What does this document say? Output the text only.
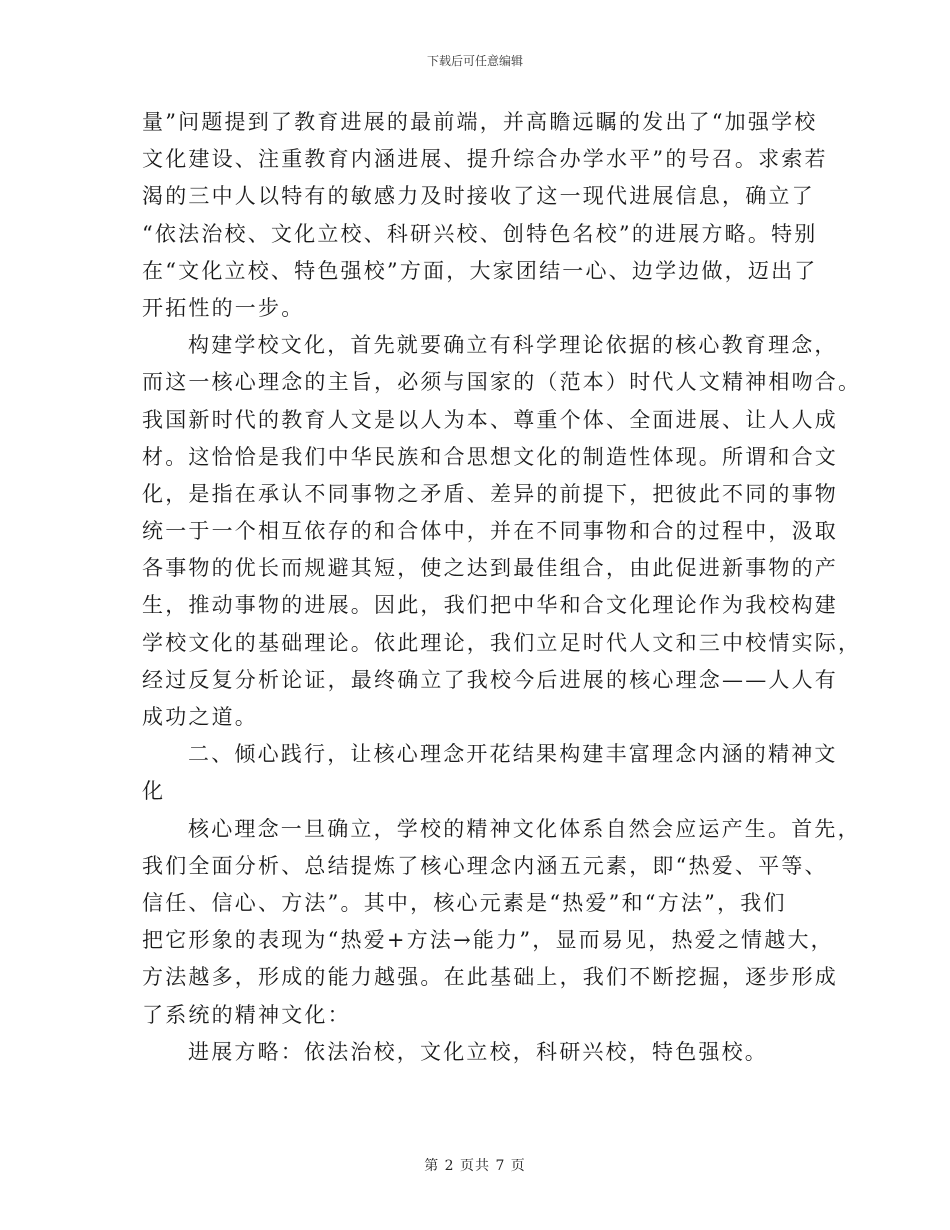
下载后可任意编辑
量”问题提到了教育进展的最前端，并高瞻远瞩的发出了“加强学校
文化建设、注重教育内涵进展、提升综合办学水平”的号召。求索若
渴的三中人以特有的敏感力及时接收了这一现代进展信息，确立了
“依法治校、文化立校、科研兴校、创特色名校”的进展方略。特别
在“文化立校、特色强校”方面，大家团结一心、边学边做，迈出了
开拓性的一步。
构建学校文化，首先就要确立有科学理论依据的核心教育理念，
而这一核心理念的主旨，必须与国家的（范本）时代人文精神相吻合。
我国新时代的教育人文是以人为本、尊重个体、全面进展、让人人成
材。这恰恰是我们中华民族和合思想文化的制造性体现。所谓和合文
化，是指在承认不同事物之矛盾、差异的前提下，把彼此不同的事物
统一于一个相互依存的和合体中，并在不同事物和合的过程中，汲取
各事物的优长而规避其短，使之达到最佳组合，由此促进新事物的产
生，推动事物的进展。因此，我们把中华和合文化理论作为我校构建
学校文化的基础理论。依此理论，我们立足时代人文和三中校情实际，
经过反复分析论证，最终确立了我校今后进展的核心理念——人人有
成功之道。
二、倾心践行，让核心理念开花结果构建丰富理念内涵的精神文
化
核心理念一旦确立，学校的精神文化体系自然会应运产生。首先，
我们全面分析、总结提炼了核心理念内涵五元素，即“热爱、平等、
信任、信心、方法”。其中，核心元素是“热爱”和“方法”，我们
把它形象的表现为“热爱+方法→能力”，显而易见，热爱之情越大，
方法越多，形成的能力越强。在此基础上，我们不断挖掘，逐步形成
了系统的精神文化：
进展方略：依法治校，文化立校，科研兴校，特色强校。
第 2 页共 7 页
